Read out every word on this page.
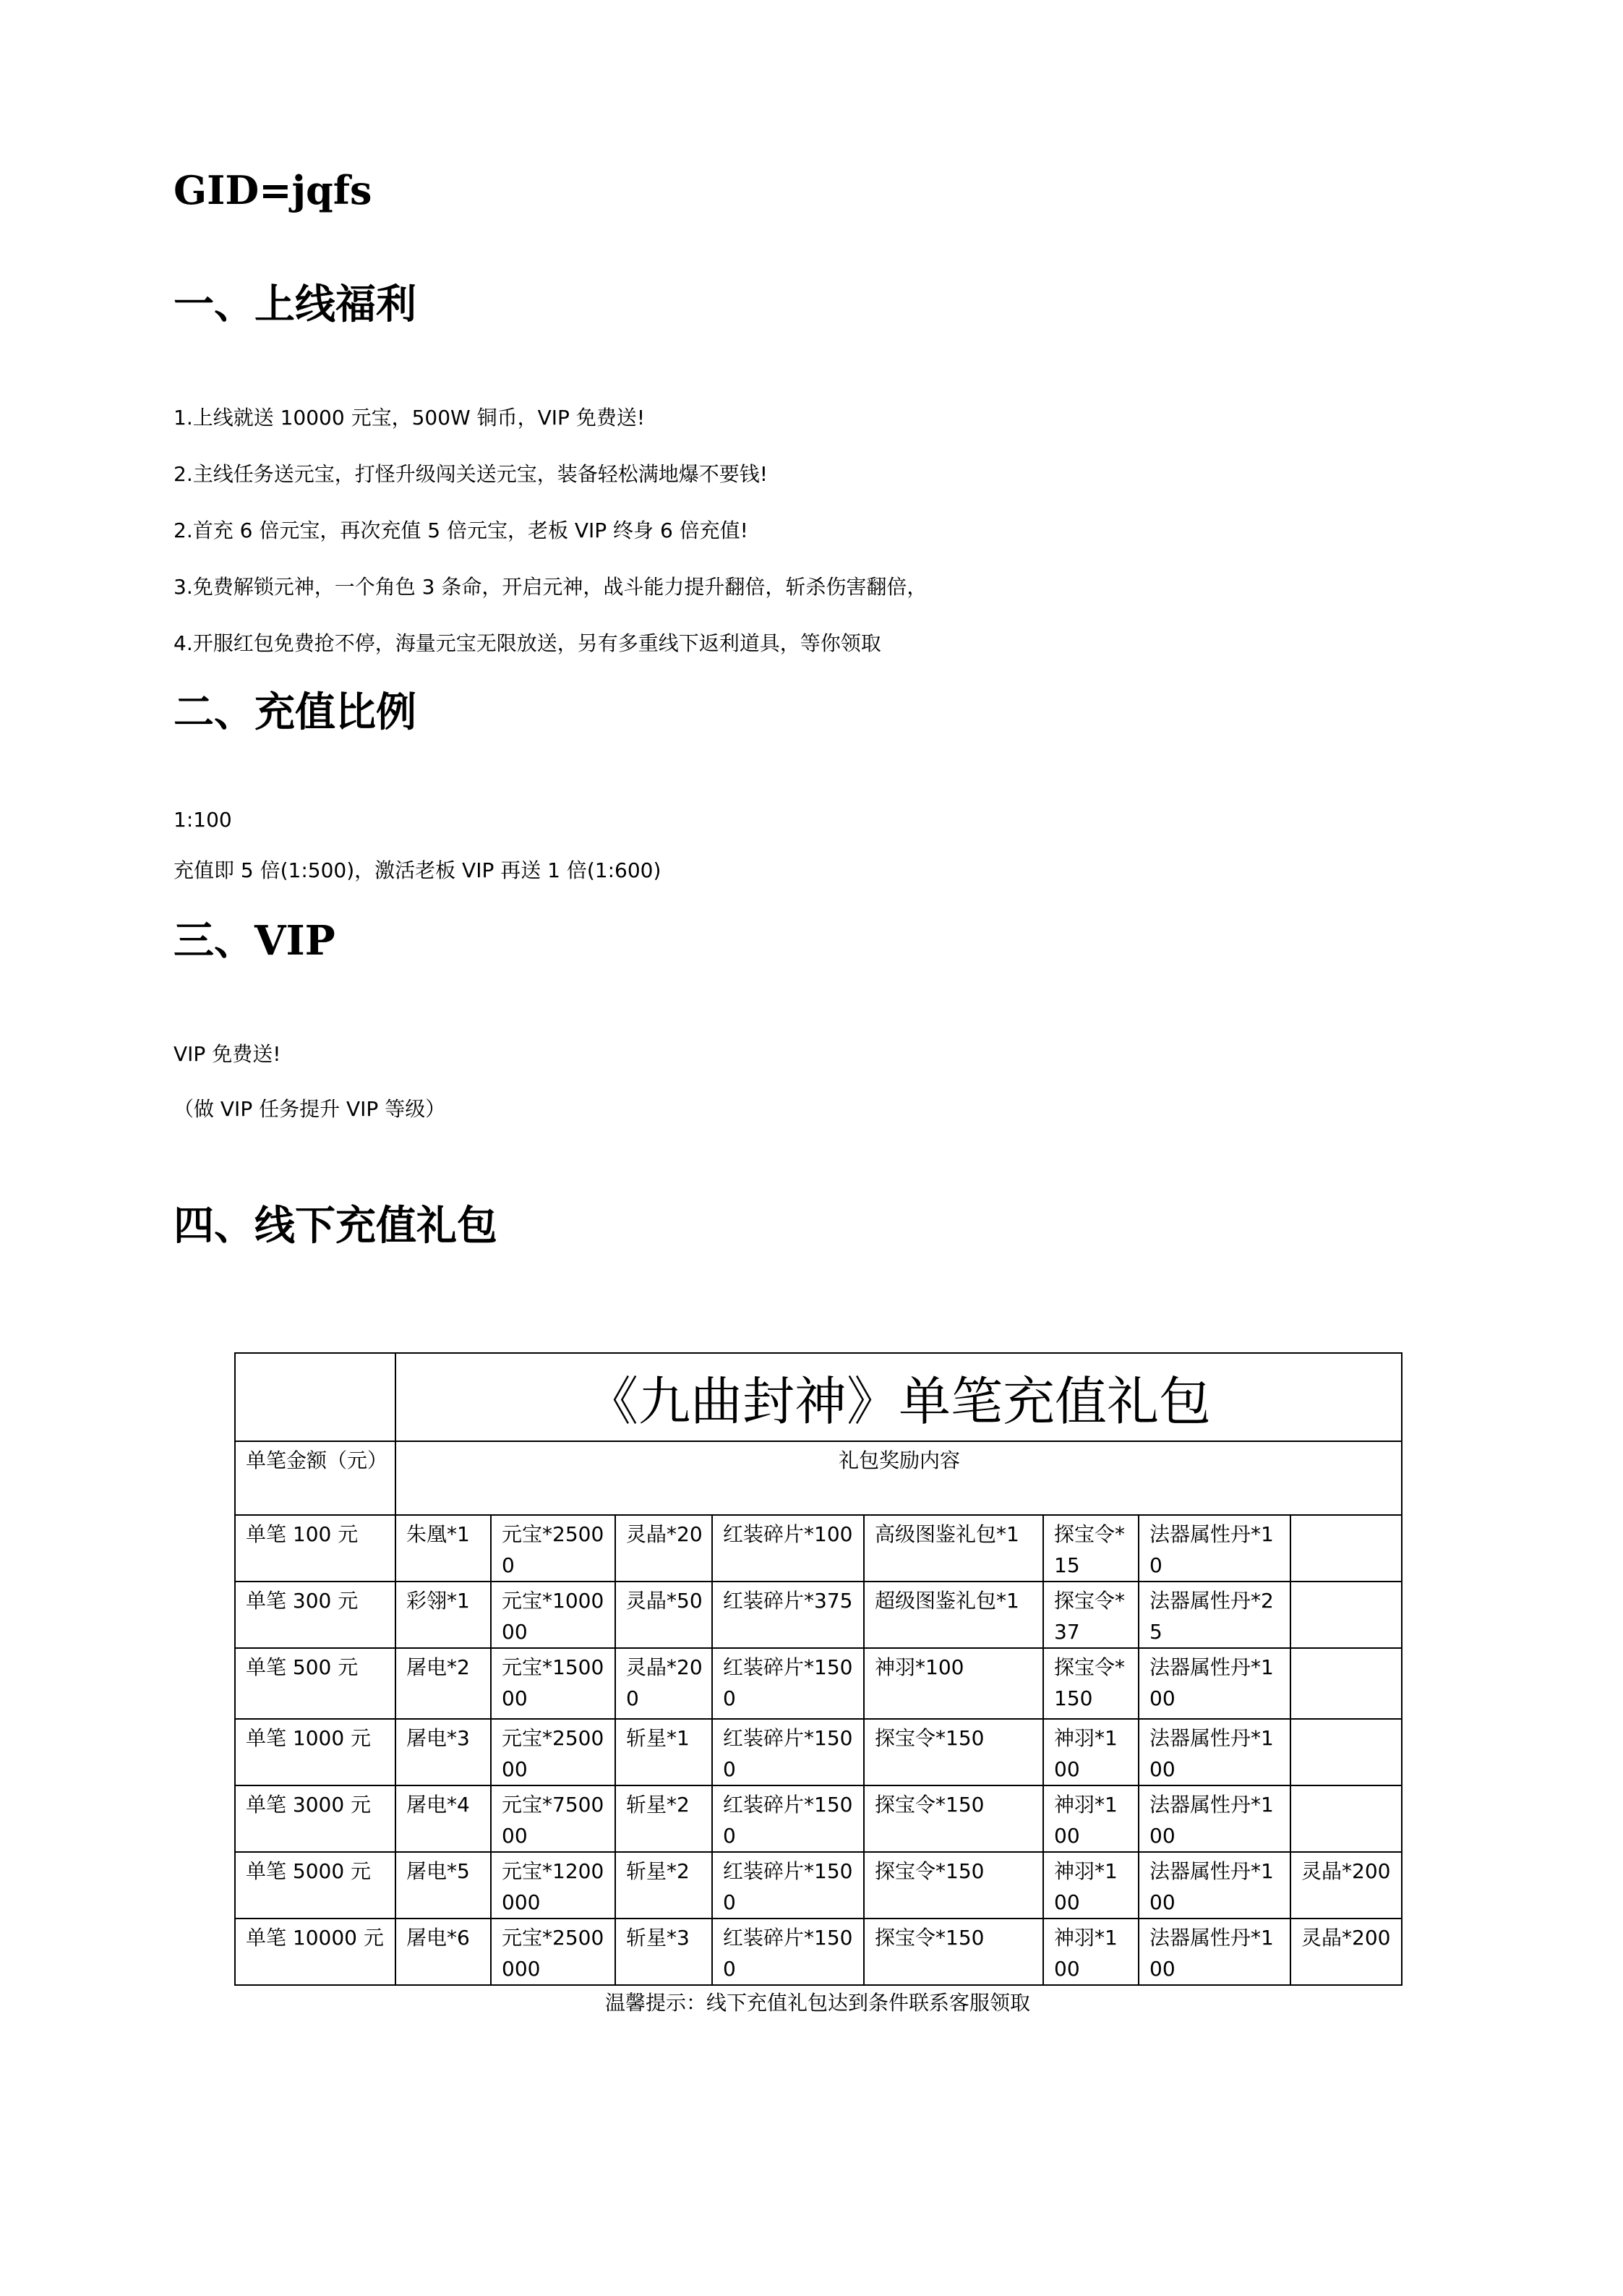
GID=jqfs
一、上线福利

1.上线就送 10000 元宝，500W 铜币，VIP 免费送!

2.主线任务送元宝，打怪升级闯关送元宝，装备轻松满地爆不要钱!

2.首充 6 倍元宝，再次充值 5 倍元宝，老板 VIP 终身 6 倍充值!

3.免费解锁元神，一个角色 3 条命，开启元神，战斗能力提升翻倍，斩杀伤害翻倍，

4.开服红包免费抢不停，海量元宝无限放送，另有多重线下返利道具，等你领取

二、充值比例

1:100

充值即 5 倍(1:500)，激活老板 VIP 再送 1 倍(1:600)

三、VIP

VIP 免费送!

（做 VIP 任务提升 VIP 等级）

四、线下充值礼包
	《九曲封神》单笔充值礼包							
单笔金额（元）	礼包奖励内容							
单笔 100 元	朱凰*1	元宝*25000	灵晶*20	红装碎片*100	高级图鉴礼包*1	探宝令*15	法器属性丹*10	
单笔 300 元	彩翎*1	元宝*100000	灵晶*50	红装碎片*375	超级图鉴礼包*1	探宝令*37	法器属性丹*25	
单笔 500 元	屠电*2	元宝*150000	灵晶*200	红装碎片*1500	神羽*100	探宝令*150	法器属性丹*100	
单笔 1000 元	屠电*3	元宝*250000	斩星*1	红装碎片*1500	探宝令*150	神羽*100	法器属性丹*100	
单笔 3000 元	屠电*4	元宝*750000	斩星*2	红装碎片*1500	探宝令*150	神羽*100	法器属性丹*100	
单笔 5000 元	屠电*5	元宝*1200000	斩星*2	红装碎片*1500	探宝令*150	神羽*100	法器属性丹*100	灵晶*200
单笔 10000 元	屠电*6	元宝*2500000	斩星*3	红装碎片*1500	探宝令*150	神羽*100	法器属性丹*100	灵晶*200

温馨提示：线下充值礼包达到条件联系客服领取
